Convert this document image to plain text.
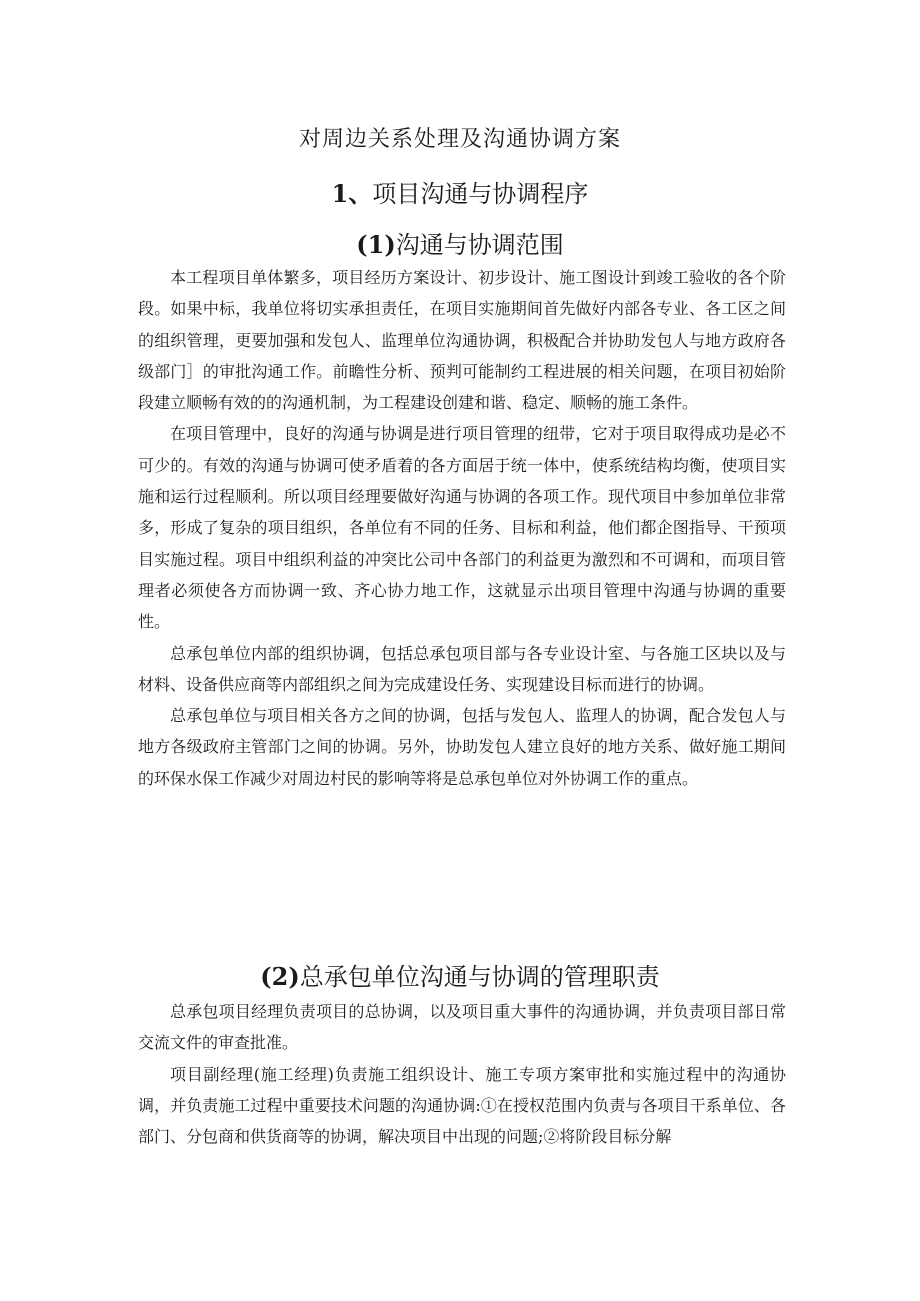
对周边关系处理及沟通协调方案
1、项目沟通与协调程序
(1)沟通与协调范围

本工程项目单体繁多，项目经历方案设计、初步设计、施工图设计到竣工验收的各个阶段。如果中标，我单位将切实承担责任，在项目实施期间首先做好内部各专业、各工区之间的组织管理，更要加强和发包人、监理单位沟通协调，积极配合并协助发包人与地方政府各级部门］的审批沟通工作。前瞻性分析、预判可能制约工程进展的相关问题，在项目初始阶段建立顺畅有效的的沟通机制，为工程建设创建和谐、稳定、顺畅的施工条件。

在项目管理中，良好的沟通与协调是进行项目管理的纽带，它对于项目取得成功是必不可少的。有效的沟通与协调可使矛盾着的各方面居于统一体中，使系统结构均衡，使项目实施和运行过程顺利。所以项目经理要做好沟通与协调的各项工作。现代项目中参加单位非常多，形成了复杂的项目组织，各单位有不同的任务、目标和利益，他们都企图指导、干预项目实施过程。项目中组织利益的冲突比公司中各部门的利益更为激烈和不可调和，而项目管理者必须使各方而协调一致、齐心协力地工作，这就显示出项目管理中沟通与协调的重要性。

总承包单位内部的组织协调，包括总承包项目部与各专业设计室、与各施工区块以及与材料、设备供应商等内部组织之间为完成建设任务、实现建设目标而进行的协调。

总承包单位与项目相关各方之间的协调，包括与发包人、监理人的协调，配合发包人与地方各级政府主管部门之间的协调。另外，协助发包人建立良好的地方关系、做好施工期间的环保水保工作减少对周边村民的影响等将是总承包单位对外协调工作的重点。

(2)总承包单位沟通与协调的管理职责

总承包项目经理负责项目的总协调，以及项目重大事件的沟通协调，并负责项目部日常交流文件的审查批准。

项目副经理(施工经理)负责施工组织设计、施工专项方案审批和实施过程中的沟通协调，并负责施工过程中重要技术问题的沟通协调:①在授权范围内负责与各项目干系单位、各部门、分包商和供货商等的协调，解决项目中出现的问题;②将阶段目标分解
